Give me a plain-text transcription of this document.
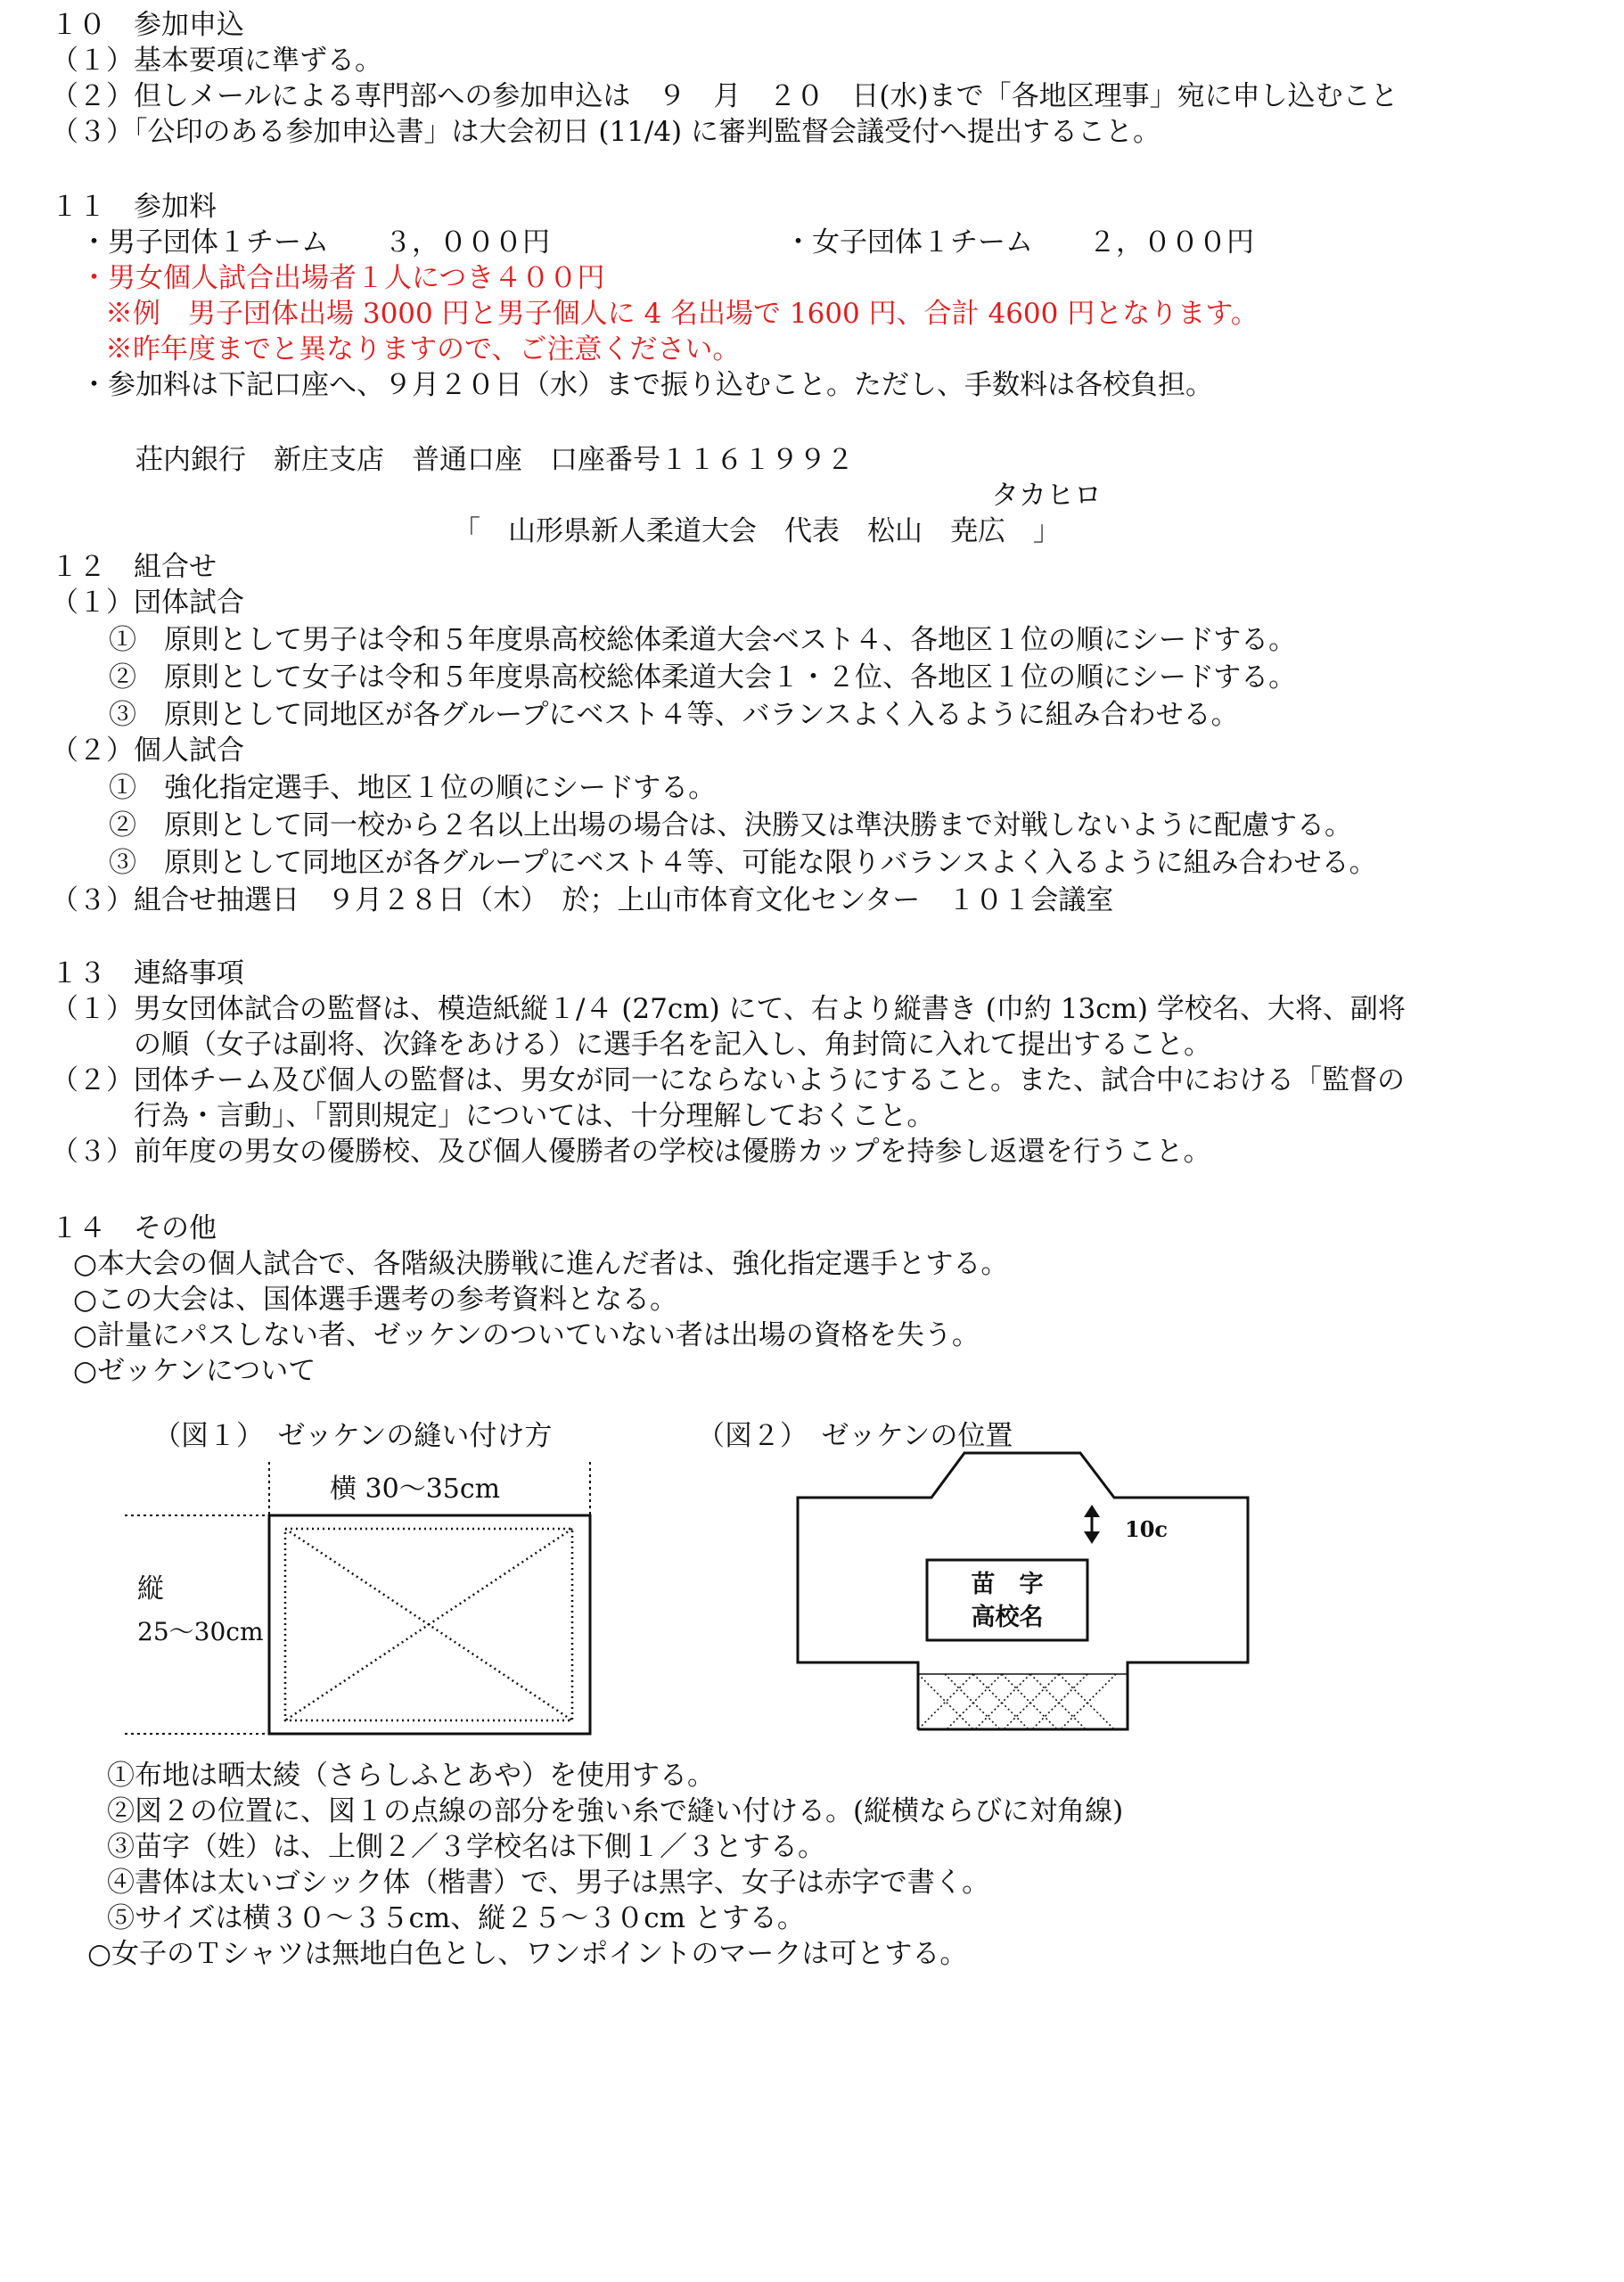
１０　参加申込

（１）基本要項に準ずる。

（２）但しメールによる専門部への参加申込は　９　月　２０　日(水)まで「各地区理事」宛に申し込むこと

（３）「公印のある参加申込書」は大会初日 (11/4) に審判監督会議受付へ提出すること。

１１　参加料

・男子団体１チーム　　３，０００円	・女子団体１チーム　　２，０００円

・男女個人試合出場者１人につき４００円

※例　男子団体出場 3000 円と男子個人に 4 名出場で 1600 円、合計 4600 円となります。

※昨年度までと異なりますので、ご注意ください。

・参加料は下記口座へ、９月２０日（水）まで振り込むこと。ただし、手数料は各校負担。

荘内銀行　新庄支店　普通口座　口座番号１１６１９９２

タカヒロ

「　山形県新人柔道大会　代表　松山　尭広　」

１２　組合せ

（１）団体試合

①　原則として男子は令和５年度県高校総体柔道大会ベスト４、各地区１位の順にシードする。

②　原則として女子は令和５年度県高校総体柔道大会１・２位、各地区１位の順にシードする。

③　原則として同地区が各グループにベスト４等、バランスよく入るように組み合わせる。

（２）個人試合

①　強化指定選手、地区１位の順にシードする。

②　原則として同一校から２名以上出場の場合は、決勝又は準決勝まで対戦しないように配慮する。

③　原則として同地区が各グループにベスト４等、可能な限りバランスよく入るように組み合わせる。

（３）組合せ抽選日　９月２８日（木）　於；上山市体育文化センター　１０１会議室

１３　連絡事項

（１）男女団体試合の監督は、模造紙縦１/４ (27cm) にて、右より縦書き (巾約 13cm) 学校名、大将、副将

　　　の順（女子は副将、次鋒をあける）に選手名を記入し、角封筒に入れて提出すること。

（２）団体チーム及び個人の監督は、男女が同一にならないようにすること。また、試合中における「監督の

　　　行為・言動」、「罰則規定」については、十分理解しておくこと。

（３）前年度の男女の優勝校、及び個人優勝者の学校は優勝カップを持参し返還を行うこと。

１４　その他

○本大会の個人試合で、各階級決勝戦に進んだ者は、強化指定選手とする。

○この大会は、国体選手選考の参考資料となる。

○計量にパスしない者、ゼッケンのついていない者は出場の資格を失う。

○ゼッケンについて

（図１）　ゼッケンの縫い付け方	（図２）　ゼッケンの位置

横 30〜35cm
縦
25〜30cm
苗　字
高校名
10c

①布地は晒太綾（さらしふとあや）を使用する。

②図２の位置に、図１の点線の部分を強い糸で縫い付ける。(縦横ならびに対角線)

③苗字（姓）は、上側２／３学校名は下側１／３とする。

④書体は太いゴシック体（楷書）で、男子は黒字、女子は赤字で書く。

⑤サイズは横３０〜３５cm、縦２５〜３０cm とする。

○女子のＴシャツは無地白色とし、ワンポイントのマークは可とする。
